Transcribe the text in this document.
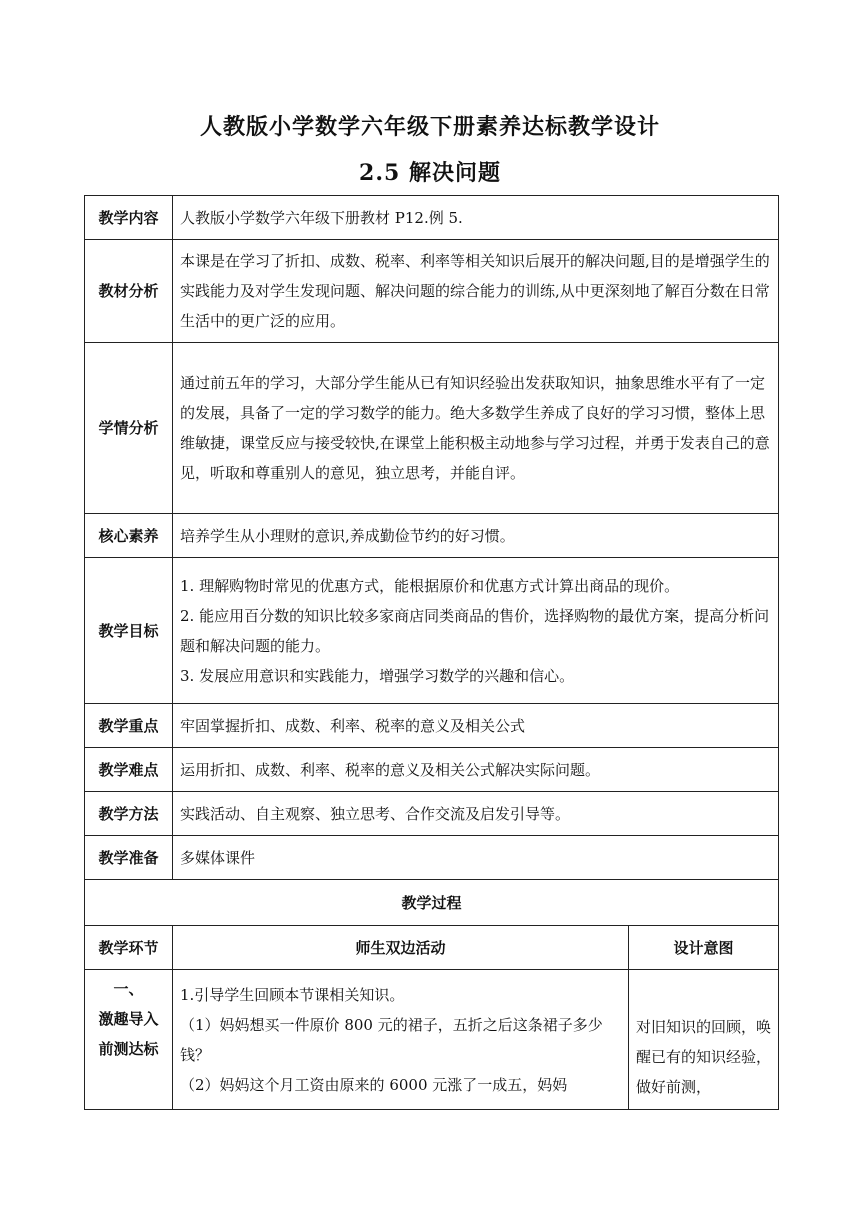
人教版小学数学六年级下册素养达标教学设计
2.5 解决问题
教学内容	人教版小学数学六年级下册教材 P12.例 5.	
教材分析	本课是在学习了折扣、成数、税率、利率等相关知识后展开的解决问题,目的是增强学生的实践能力及对学生发现问题、解决问题的综合能力的训练,从中更深刻地了解百分数在日常生活中的更广泛的应用。	
学情分析	通过前五年的学习，大部分学生能从已有知识经验出发获取知识，抽象思维水平有了一定的发展，具备了一定的学习数学的能力。绝大多数学生养成了良好的学习习惯，整体上思维敏捷，课堂反应与接受较快,在课堂上能积极主动地参与学习过程，并勇于发表自己的意见，听取和尊重别人的意见，独立思考，并能自评。	
核心素养	培养学生从小理财的意识,养成勤俭节约的好习惯。	
教学目标	1. 理解购物时常见的优惠方式，能根据原价和优惠方式计算出商品的现价。
2. 能应用百分数的知识比较多家商店同类商品的售价，选择购物的最优方案，提高分析问题和解决问题的能力。
3. 发展应用意识和实践能力，增强学习数学的兴趣和信心。	

教学重点	牢固掌握折扣、成数、利率、税率的意义及相关公式	
教学难点	运用折扣、成数、利率、税率的意义及相关公式解决实际问题。	
教学方法	实践活动、自主观察、独立思考、合作交流及启发引导等。	
教学准备	多媒体课件	
教学过程		
教学环节	师生双边活动	设计意图

一、
激趣导入
前测达标	1.引导学生回顾本节课相关知识。
（1）妈妈想买一件原价 800 元的裙子，五折之后这条裙子多少钱？
（2）妈妈这个月工资由原来的 6000 元涨了一成五，妈妈	对旧知识的回顾，唤醒已有的知识经验，做好前测，
